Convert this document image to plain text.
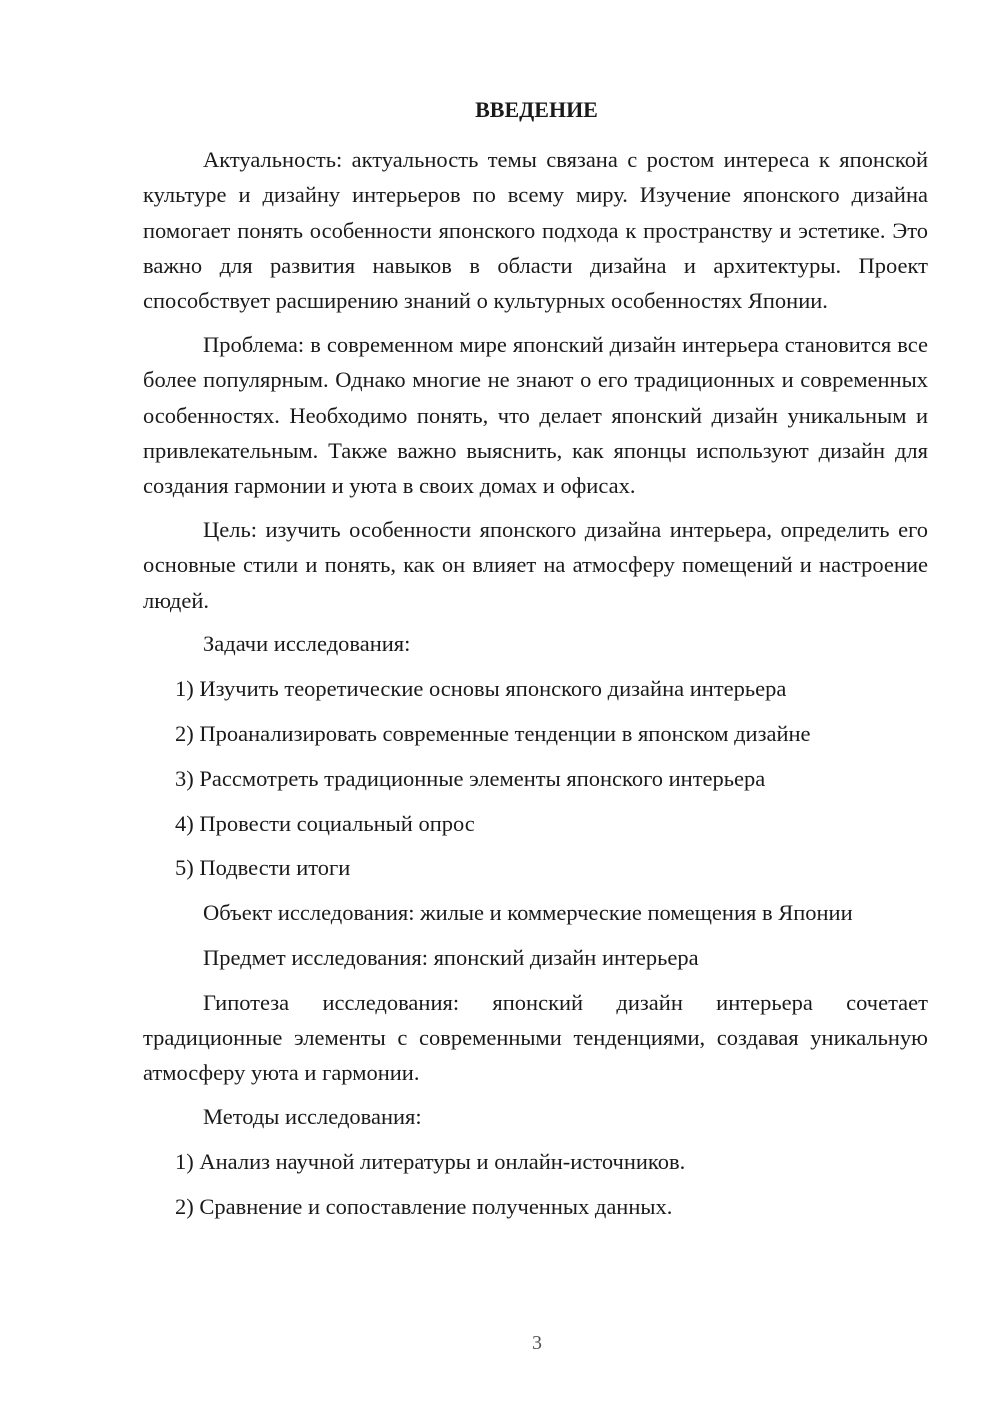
ВВЕДЕНИЕ

Актуальность: актуальность темы связана с ростом интереса к японской культуре и дизайну интерьеров по всему миру. Изучение японского дизайна помогает понять особенности японского подхода к пространству и эстетике. Это важно для развития навыков в области дизайна и архитектуры. Проект способствует расширению знаний о культурных особенностях Японии.

Проблема: в современном мире японский дизайн интерьера становится все более популярным. Однако многие не знают о его традиционных и современных особенностях. Необходимо понять, что делает японский дизайн уникальным и привлекательным. Также важно выяснить, как японцы используют дизайн для создания гармонии и уюта в своих домах и офисах.

Цель: изучить особенности японского дизайна интерьера, определить его основные стили и понять, как он влияет на атмосферу помещений и настроение людей.

Задачи исследования:
1) Изучить теоретические основы японского дизайна интерьера
2) Проанализировать современные тенденции в японском дизайне
3) Рассмотреть традиционные элементы японского интерьера
4) Провести социальный опрос
5) Подвести итоги
Объект исследования: жилые и коммерческие помещения в Японии
Предмет исследования: японский дизайн интерьера

Гипотеза исследования: японский дизайн интерьера сочетает традиционные элементы с современными тенденциями, создавая уникальную атмосферу уюта и гармонии.

Методы исследования:
1) Анализ научной литературы и онлайн-источников.
2) Сравнение и сопоставление полученных данных.
3
